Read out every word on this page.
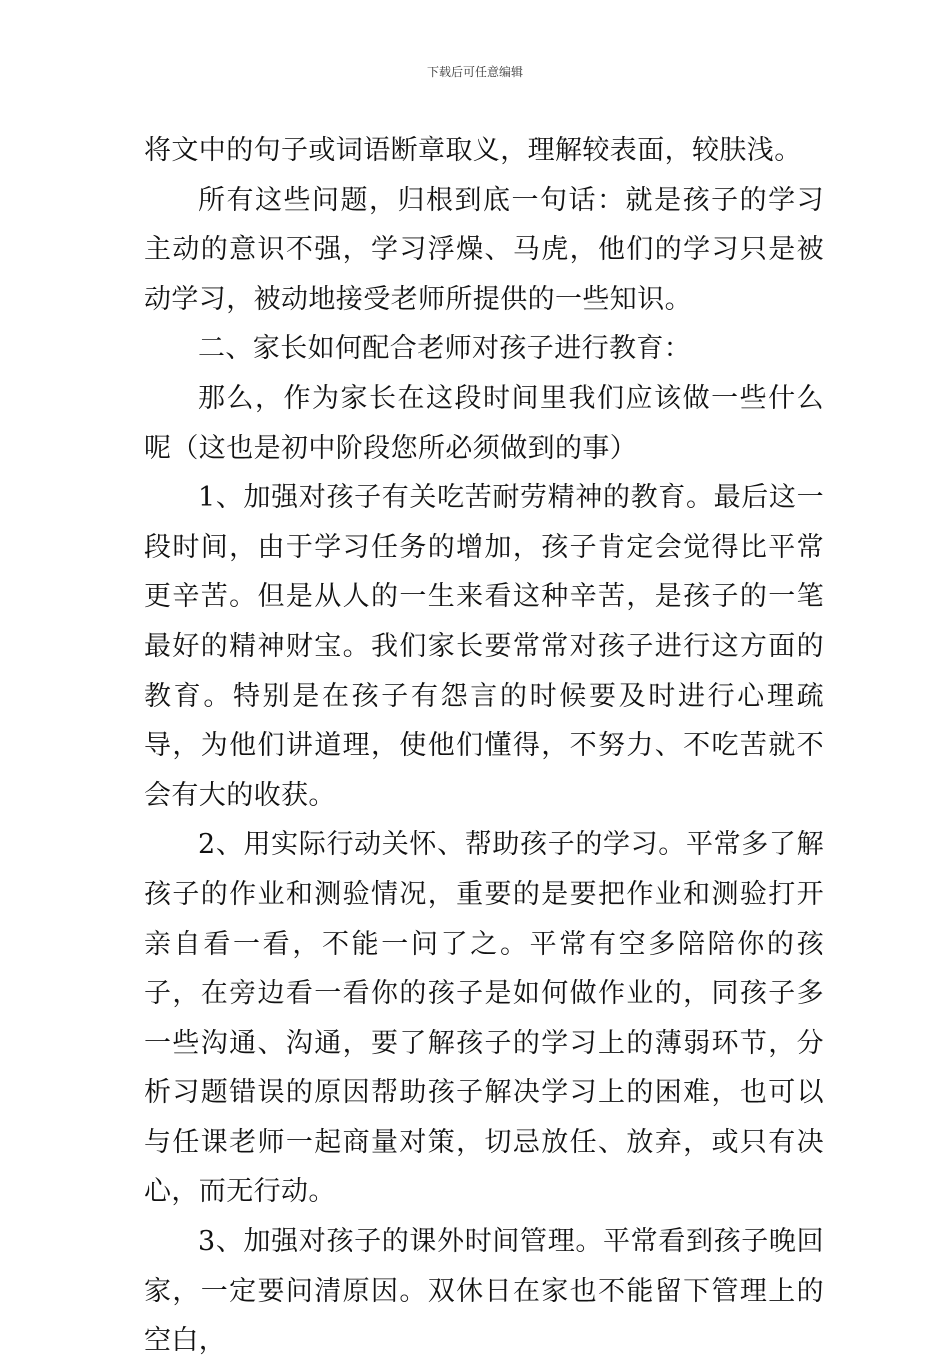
下载后可任意编辑

将文中的句子或词语断章取义，理解较表面，较肤浅。

所有这些问题，归根到底一句话：就是孩子的学习主动的意识不强，学习浮燥、马虎，他们的学习只是被动学习，被动地接受老师所提供的一些知识。

二、家长如何配合老师对孩子进行教育：

那么，作为家长在这段时间里我们应该做一些什么呢（这也是初中阶段您所必须做到的事）

1、加强对孩子有关吃苦耐劳精神的教育。最后这一段时间，由于学习任务的增加，孩子肯定会觉得比平常更辛苦。但是从人的一生来看这种辛苦，是孩子的一笔最好的精神财宝。我们家长要常常对孩子进行这方面的教育。特别是在孩子有怨言的时候要及时进行心理疏导，为他们讲道理，使他们懂得，不努力、不吃苦就不会有大的收获。

2、用实际行动关怀、帮助孩子的学习。平常多了解孩子的作业和测验情况，重要的是要把作业和测验打开亲自看一看，不能一问了之。平常有空多陪陪你的孩子，在旁边看一看你的孩子是如何做作业的，同孩子多一些沟通、沟通，要了解孩子的学习上的薄弱环节，分析习题错误的原因帮助孩子解决学习上的困难，也可以与任课老师一起商量对策，切忌放任、放弃，或只有决心，而无行动。

3、加强对孩子的课外时间管理。平常看到孩子晚回家，一定要问清原因。双休日在家也不能留下管理上的空白，
